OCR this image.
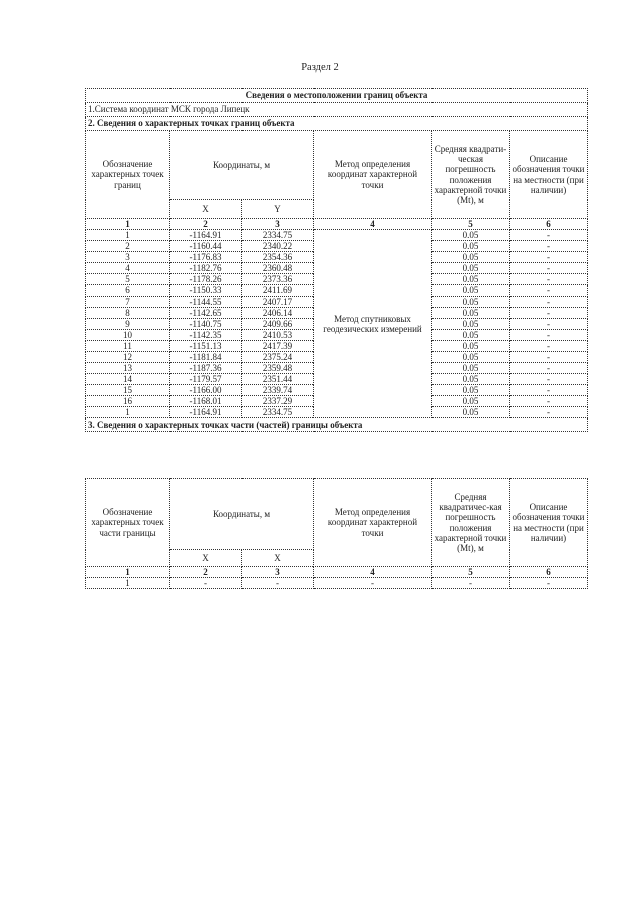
Раздел 2
Сведения о местоположении границ объекта					
1.Система координат МСК города Липецк					
2. Сведения о характерных точках границ объекта					
Обозначение характерных точек границ	Координаты, м		Метод определения координат характерной точки	Средняя квадрати-ческая погрешность положения характерной точки (Mt), м	Описание обозначения точки на местности (при наличии)
	X	Y			
1	2	3	4	5	6
1	-1164.91	2334.75	Метод спутниковых геодезических измерений	0.05	-
2	-1160.44	2340.22		0.05	-
3	-1176.83	2354.36		0.05	-
4	-1182.76	2360.48		0.05	-
5	-1178.26	2373.36		0.05	-
6	-1150.33	2411.69		0.05	-
7	-1144.55	2407.17		0.05	-
8	-1142.65	2406.14		0.05	-
9	-1140.75	2409.66		0.05	-
10	-1142.35	2410.53		0.05	-
11	-1151.13	2417.39		0.05	-
12	-1181.84	2375.24		0.05	-
13	-1187.36	2359.48		0.05	-
14	-1179.57	2351.44		0.05	-
15	-1166.00	2339.74		0.05	-
16	-1168.01	2337.29		0.05	-
1	-1164.91	2334.75		0.05	-
3. Сведения о характерных точках части (частей) границы объекта					
Обозначение характерных точек части границы	Координаты, м		Метод определения координат характерной точки	Средняя квадратичес-кая погрешность положения характерной точки (Mt), м	Описание обозначения точки на местности (при наличии)
	X	X			
1	2	3	4	5	6
1	-	-	-	-	-
